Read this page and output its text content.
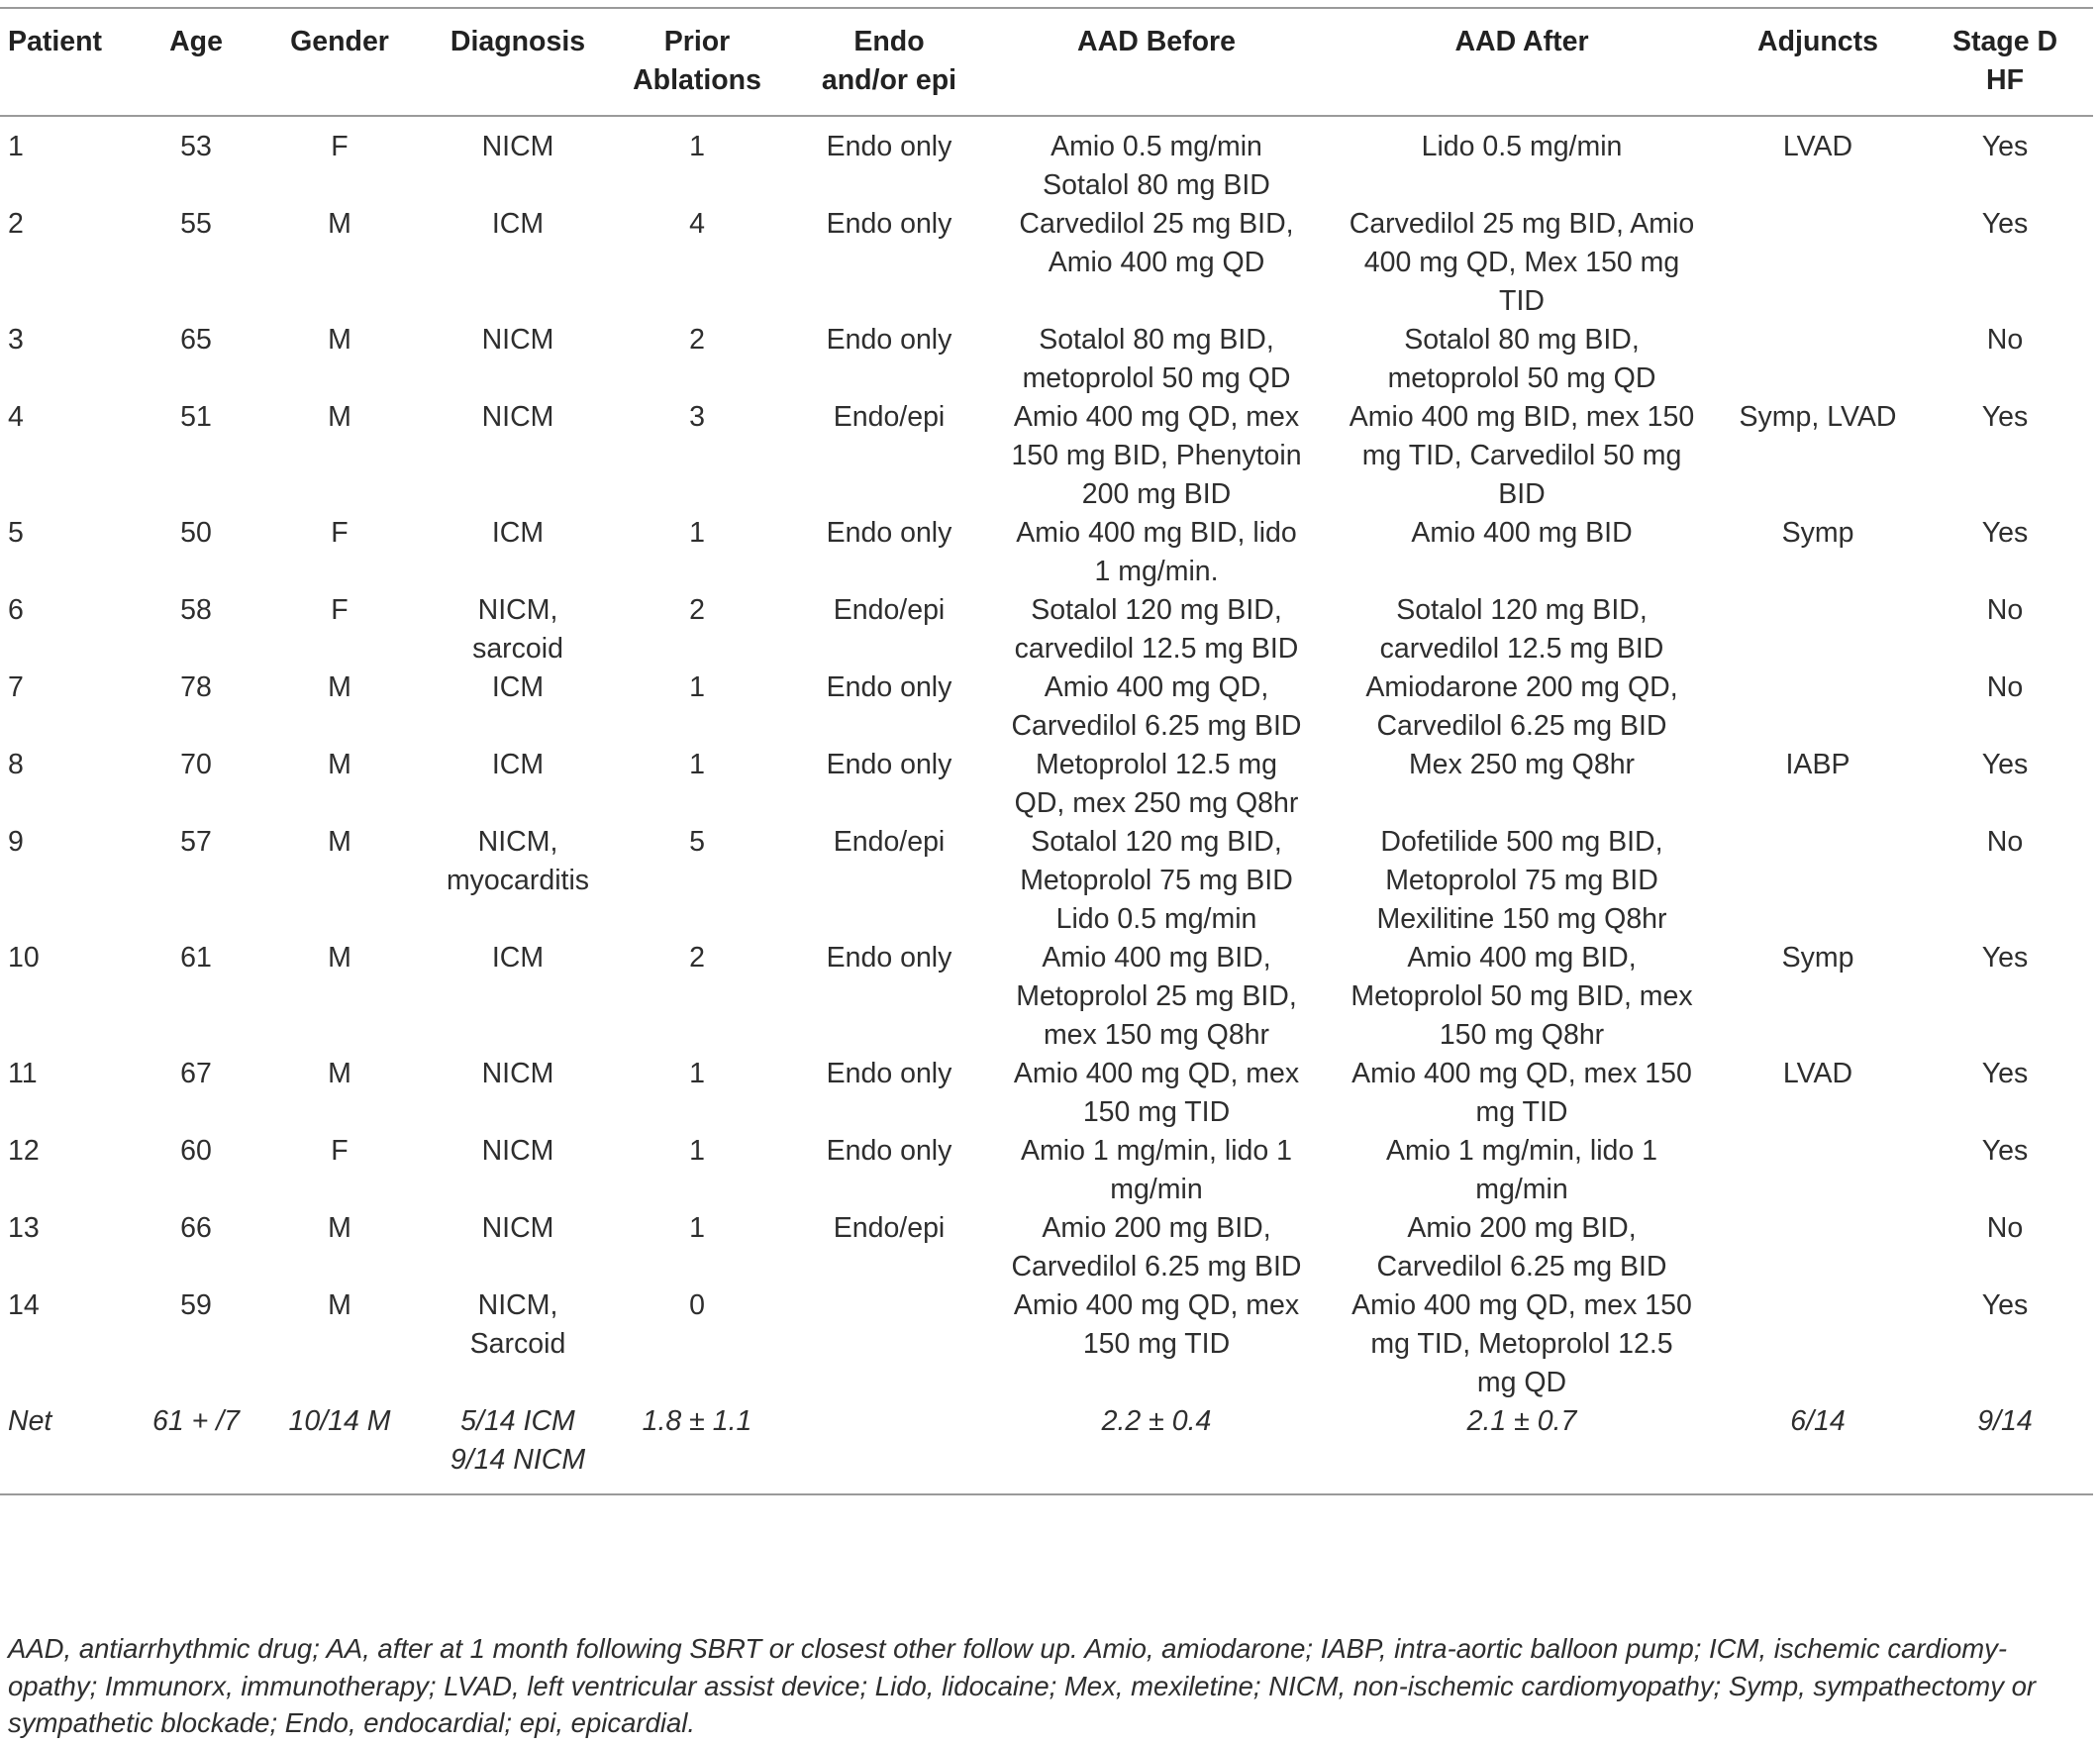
Patient	Age	Gender	Diagnosis	Prior
Ablations	Endo
and/or epi	AAD Before	AAD After	Adjuncts	Stage D
HF

1	53	F	NICM	1	Endo only	Amio 0.5 mg/min
Sotalol 80 mg BID	Lido 0.5 mg/min	LVAD	Yes

2	55	M	ICM	4	Endo only	Carvedilol 25 mg BID,
Amio 400 mg QD	Carvedilol 25 mg BID, Amio
400 mg QD, Mex 150 mg
TID		Yes

3	65	M	NICM	2	Endo only	Sotalol 80 mg BID,
metoprolol 50 mg QD	Sotalol 80 mg BID,
metoprolol 50 mg QD		No

4	51	M	NICM	3	Endo/epi	Amio 400 mg QD, mex
150 mg BID, Phenytoin
200 mg BID	Amio 400 mg BID, mex 150
mg TID, Carvedilol 50 mg
BID	Symp, LVAD	Yes

5	50	F	ICM	1	Endo only	Amio 400 mg BID, lido
1 mg/min.	Amio 400 mg BID	Symp	Yes

6	58	F	NICM,
sarcoid	2	Endo/epi	Sotalol 120 mg BID,
carvedilol 12.5 mg BID	Sotalol 120 mg BID,
carvedilol 12.5 mg BID		No

7	78	M	ICM	1	Endo only	Amio 400 mg QD,
Carvedilol 6.25 mg BID	Amiodarone 200 mg QD,
Carvedilol 6.25 mg BID		No

8	70	M	ICM	1	Endo only	Metoprolol 12.5 mg
QD, mex 250 mg Q8hr	Mex 250 mg Q8hr	IABP	Yes

9	57	M	NICM,
myocarditis	5	Endo/epi	Sotalol 120 mg BID,
Metoprolol 75 mg BID
Lido 0.5 mg/min	Dofetilide 500 mg BID,
Metoprolol 75 mg BID
Mexilitine 150 mg Q8hr		No

10	61	M	ICM	2	Endo only	Amio 400 mg BID,
Metoprolol 25 mg BID,
mex 150 mg Q8hr	Amio 400 mg BID,
Metoprolol 50 mg BID, mex
150 mg Q8hr	Symp	Yes

11	67	M	NICM	1	Endo only	Amio 400 mg QD, mex
150 mg TID	Amio 400 mg QD, mex 150
mg TID	LVAD	Yes

12	60	F	NICM	1	Endo only	Amio 1 mg/min, lido 1
mg/min	Amio 1 mg/min, lido 1
mg/min		Yes

13	66	M	NICM	1	Endo/epi	Amio 200 mg BID,
Carvedilol 6.25 mg BID	Amio 200 mg BID,
Carvedilol 6.25 mg BID		No

14	59	M	NICM,
Sarcoid	0		Amio 400 mg QD, mex
150 mg TID	Amio 400 mg QD, mex 150
mg TID, Metoprolol 12.5
mg QD		Yes

Net	61 + /7	10/14 M	5/14 ICM
9/14 NICM	1.8 ± 1.1		2.2 ± 0.4	2.1 ± 0.7	6/14	9/14
AAD, antiarrhythmic drug; AA, after at 1 month following SBRT or closest other follow up. Amio, amiodarone; IABP, intra-aortic balloon pump; ICM, ischemic cardiomy-
opathy; Immunorx, immunotherapy; LVAD, left ventricular assist device; Lido, lidocaine; Mex, mexiletine; NICM, non-ischemic cardiomyopathy; Symp, sympathectomy or
sympathetic blockade; Endo, endocardial; epi, epicardial.
